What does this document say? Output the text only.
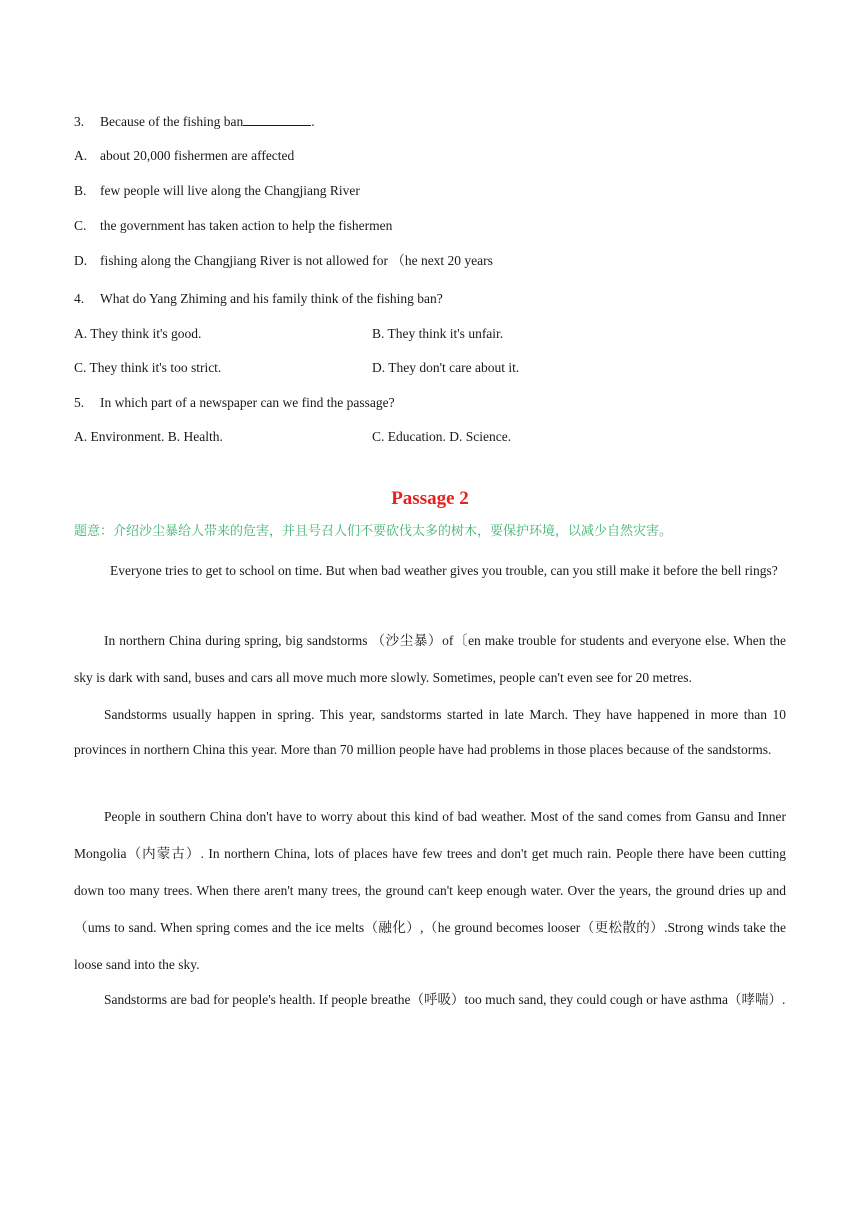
3. Because of the fishing ban	.
A. about 20,000 fishermen are affected
B. few people will live along the Changjiang River
C. the government has taken action to help the fishermen
D. fishing along the Changjiang River is not allowed for （he next 20 years
4. What do Yang Zhiming and his family think of the fishing ban?
A. They think it's good.	B. They think it's unfair.
C. They think it's too strict.	D. They don't care about it.
5. In which part of a newspaper can we find the passage?
A. Environment. B. Health.	C. Education. D. Science.
Passage 2
题意：介绍沙尘暴给人带来的危害，并且号召人们不要砍伐太多的树木，要保护环境，以减少自然灾害。
Everyone tries to get to school on time. But when bad weather gives you trouble, can you still make it before the bell rings?
In northern China during spring, big sandstorms （沙尘暴）of〔en make trouble for students and everyone else. When the sky is dark with sand, buses and cars all move much more slowly. Sometimes, people can't even see for 20 metres.
Sandstorms usually happen in spring. This year, sandstorms started in late March. They have happened in more than 10 provinces in northern China this year. More than 70 million people have had problems in those places because of the sandstorms.
People in southern China don't have to worry about this kind of bad weather. Most of the sand comes from Gansu and Inner Mongolia（内蒙古）. In northern China, lots of places have few trees and don't get much rain. People there have been cutting down too many trees. When there aren't many trees, the ground can't keep enough water. Over the years, the ground dries up and（ums to sand. When spring comes and the ice melts（融化）,（he ground becomes looser（更松散的）.Strong winds take the loose sand into the sky.
Sandstorms are bad for people's health. If people breathe（呼吸）too much sand, they could cough or have asthma（哮喘）.
